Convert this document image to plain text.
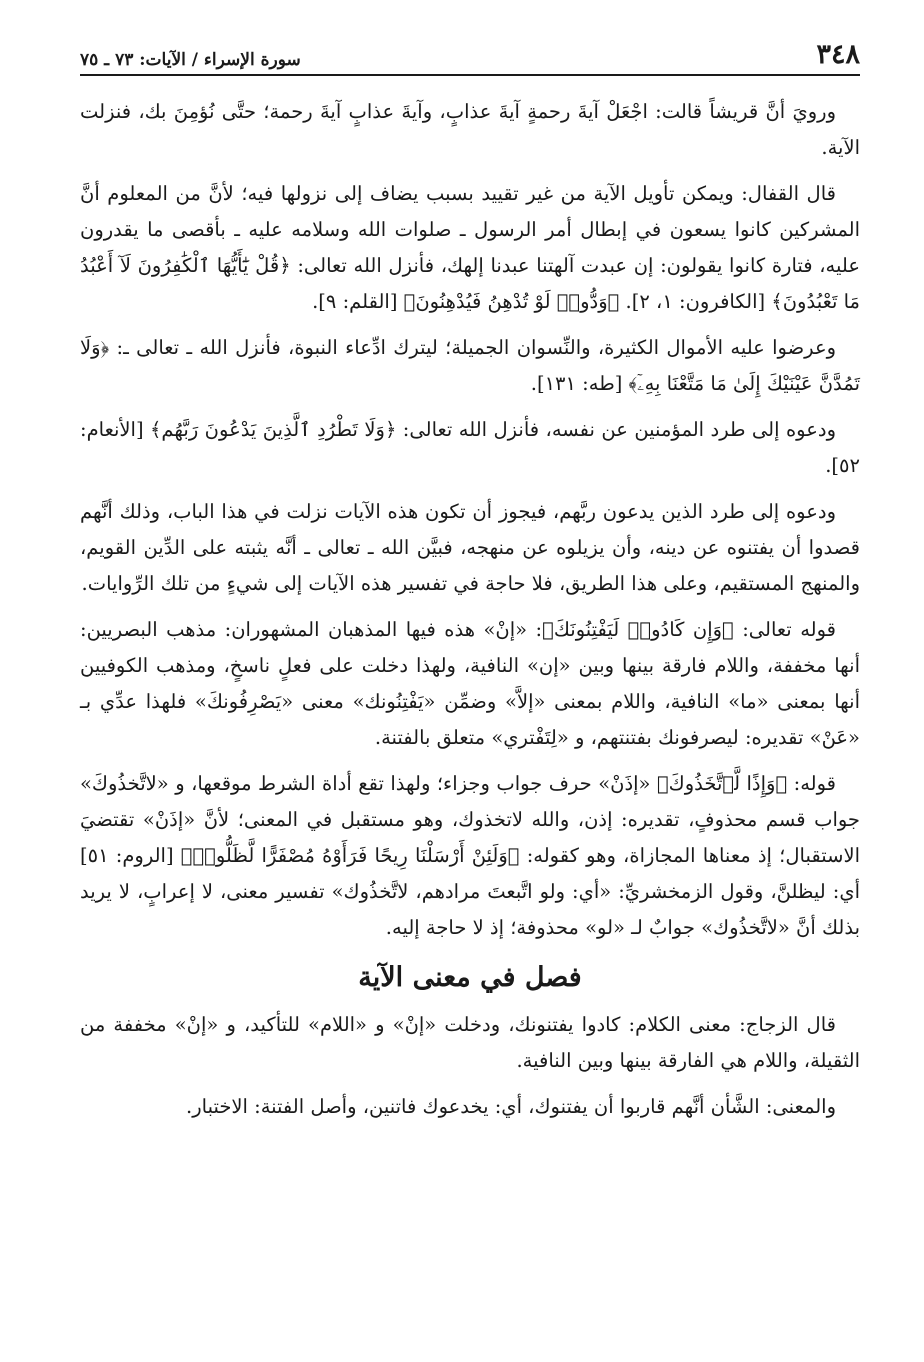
٣٤٨
سورة الإسراء / الآيات: ٧٣ ـ ٧٥

ورويَ أنَّ قريشاً قالت: اجْعَلْ آيةَ رحمةٍ آيةَ عذابٍ، وآيةَ عذابٍ آيةَ رحمة؛ حتَّى نُؤمِنَ بك، فنزلت الآية.

قال القفال: ويمكن تأويل الآية من غير تقييد بسبب يضاف إلى نزولها فيه؛ لأنَّ من المعلوم أنَّ المشركين كانوا يسعون في إبطال أمر الرسول ـ صلوات الله وسلامه عليه ـ بأقصى ما يقدرون عليه، فتارة كانوا يقولون: إن عبدت آلهتنا عبدنا إلهك، فأنزل الله تعالى: ﴿قُلْ يَٰٓأَيُّهَا ٱلْكَٰفِرُونَ لَآ أَعْبُدُ مَا تَعْبُدُونَ﴾ [الكافرون: ١، ٢]. ﴿وَدُّوا۟ لَوْ تُدْهِنُ فَيُدْهِنُونَ﴾ [القلم: ٩].

وعرضوا عليه الأموال الكثيرة، والنِّسوان الجميلة؛ ليترك ادِّعاء النبوة، فأنزل الله ـ تعالى ـ: ﴿وَلَا تَمُدَّنَّ عَيْنَيْكَ إِلَىٰ مَا مَتَّعْنَا بِهِۦٓ﴾ [طه: ١٣١].

ودعوه إلى طرد المؤمنين عن نفسه، فأنزل الله تعالى: ﴿وَلَا تَطْرُدِ ٱلَّذِينَ يَدْعُونَ رَبَّهُم﴾ [الأنعام: ٥٢].

ودعوه إلى طرد الذين يدعون ربَّهم، فيجوز أن تكون هذه الآيات نزلت في هذا الباب، وذلك أنَّهم قصدوا أن يفتنوه عن دينه، وأن يزيلوه عن منهجه، فبيَّن الله ـ تعالى ـ أنَّه يثبته على الدِّين القويم، والمنهج المستقيم، وعلى هذا الطريق، فلا حاجة في تفسير هذه الآيات إلى شيءٍ من تلك الرِّوايات.

قوله تعالى: ﴿وَإِن كَادُوا۟ لَيَفْتِنُونَكَ﴾: «إنْ» هذه فيها المذهبان المشهوران: مذهب البصريين: أنها مخففة، واللام فارقة بينها وبين «إن» النافية، ولهذا دخلت على فعلٍ ناسخٍ، ومذهب الكوفيين أنها بمعنى «ما» النافية، واللام بمعنى «إلاَّ» وضمِّن «يَفْتِنُونك» معنى «يَصْرِفُونكَ» فلهذا عدِّي بـ «عَنْ» تقديره: ليصرفونك بفتنتهم، و «لِتَفْتري» متعلق بالفتنة.

قوله: ﴿وَإِذًا لَّٱتَّخَذُوكَ﴾ «إذَنْ» حرف جواب وجزاء؛ ولهذا تقع أداة الشرط موقعها، و «لاتَّخذُوكَ» جواب قسم محذوفٍ، تقديره: إذن، والله لاتخذوك، وهو مستقبل في المعنى؛ لأنَّ «إذَنْ» تقتضيَ الاستقبال؛ إذ معناها المجازاة، وهو كقوله: ﴿وَلَئِنْ أَرْسَلْنَا رِيحًا فَرَأَوْهُ مُصْفَرًّا لَّظَلُّوا۟﴾ [الروم: ٥١] أي: ليظلنَّ، وقول الزمخشريِّ: «أي: ولو اتَّبعتَ مرادهم، لاتَّخذُوك» تفسير معنى، لا إعرابٍ، لا يريد بذلك أنَّ «لاتَّخذُوك» جوابٌ لـ «لو» محذوفة؛ إذ لا حاجة إليه.

فصل في معنى الآية

قال الزجاج: معنى الكلام: كادوا يفتنونك، ودخلت «إنْ» و «اللام» للتأكيد، و «إنْ» مخففة من الثقيلة، واللام هي الفارقة بينها وبين النافية.

والمعنى: الشَّأن أنَّهم قاربوا أن يفتنوك، أي: يخدعوك فاتنين، وأصل الفتنة: الاختبار.
